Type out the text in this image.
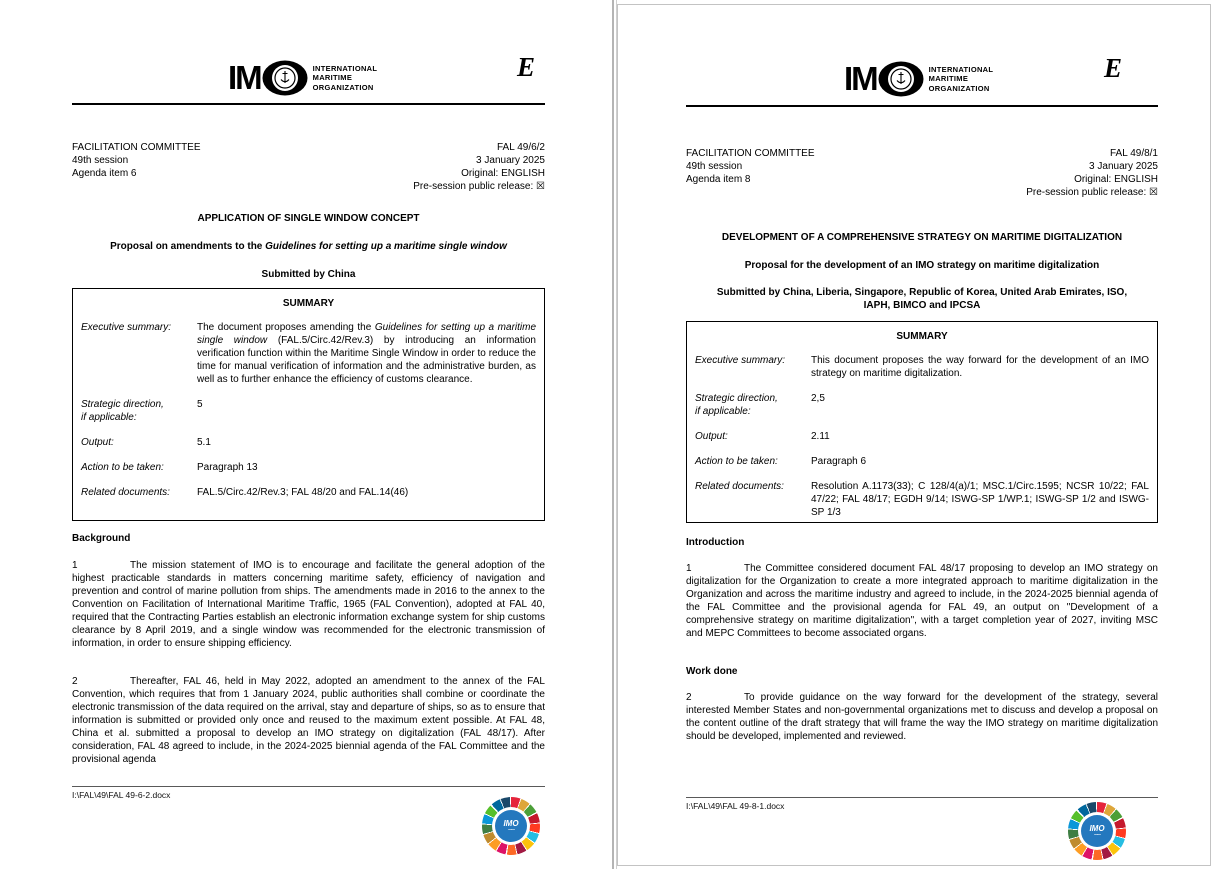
IM	INTERNATIONAL
MARITIME
ORGANIZATION
E
FACILITATION COMMITTEE
49th session
Agenda item 6
FAL 49/6/2
3 January 2025
Original: ENGLISH
Pre-session public release: ☒
APPLICATION OF SINGLE WINDOW CONCEPT
Proposal on amendments to the Guidelines for setting up a maritime single window
Submitted by China
SUMMARY
Executive summary:	The document proposes amending the Guidelines for setting up a maritime single window (FAL.5/Circ.42/Rev.3) by introducing an information verification function within the Maritime Single Window in order to reduce the time for manual verification of information and the administrative burden, as well as to further enhance the efficiency of customs clearance.
Strategic direction,
if applicable:
5
Output:	5.1
Action to be taken:	Paragraph 13
Related documents:	FAL.5/Circ.42/Rev.3; FAL 48/20 and FAL.14(46)
Background
1	The mission statement of IMO is to encourage and facilitate the general adoption of the highest practicable standards in matters concerning maritime safety, efficiency of navigation and prevention and control of marine pollution from ships. The amendments made in 2016 to the annex to the Convention on Facilitation of International Maritime Traffic, 1965 (FAL Convention), adopted at FAL 40, required that the Contracting Parties establish an electronic information exchange system for ship customs clearance by 8 April 2019, and a single window was recommended for the electronic transmission of information, in order to ensure shipping efficiency.
2	Thereafter, FAL 46, held in May 2022, adopted an amendment to the annex of the FAL Convention, which requires that from 1 January 2024, public authorities shall combine or coordinate the electronic transmission of the data required on the arrival, stay and departure of ships, so as to ensure that information is submitted or provided only once and reused to the maximum extent possible. At FAL 48, China et al. submitted a proposal to develop an IMO strategy on digitalization (FAL 48/17). After consideration, FAL 48 agreed to include, in the 2024-2025 biennial agenda of the FAL Committee and the provisional agenda
I:\FAL\49\FAL 49-6-2.docx
IMO
~~
IM	INTERNATIONAL
MARITIME
ORGANIZATION
E
FACILITATION COMMITTEE
49th session
Agenda item 8
FAL 49/8/1
3 January 2025
Original: ENGLISH
Pre-session public release: ☒
DEVELOPMENT OF A COMPREHENSIVE STRATEGY ON MARITIME DIGITALIZATION
Proposal for the development of an IMO strategy on maritime digitalization
Submitted by China, Liberia, Singapore, Republic of Korea, United Arab Emirates, ISO,
IAPH, BIMCO and IPCSA
SUMMARY
Executive summary:	This document proposes the way forward for the development of an IMO strategy on maritime digitalization.
Strategic direction,
if applicable:
2,5
Output:	2.11
Action to be taken:	Paragraph 6
Related documents:	Resolution A.1173(33); C 128/4(a)/1; MSC.1/Circ.1595; NCSR 10/22; FAL 47/22; FAL 48/17; EGDH 9/14; ISWG-SP 1/WP.1; ISWG-SP 1/2 and ISWG-SP 1/3
Introduction
1	The Committee considered document FAL 48/17 proposing to develop an IMO strategy on digitalization for the Organization to create a more integrated approach to maritime digitalization in the Organization and across the maritime industry and agreed to include, in the 2024-2025 biennial agenda of the FAL Committee and the provisional agenda for FAL 49, an output on "Development of a comprehensive strategy on maritime digitalization", with a target completion year of 2027, inviting MSC and MEPC Committees to become associated organs.
Work done
2	To provide guidance on the way forward for the development of the strategy, several interested Member States and non-governmental organizations met to discuss and develop a proposal on the content outline of the draft strategy that will frame the way the IMO strategy on maritime digitalization should be developed, implemented and reviewed.
I:\FAL\49\FAL 49-8-1.docx
IMO
~~
